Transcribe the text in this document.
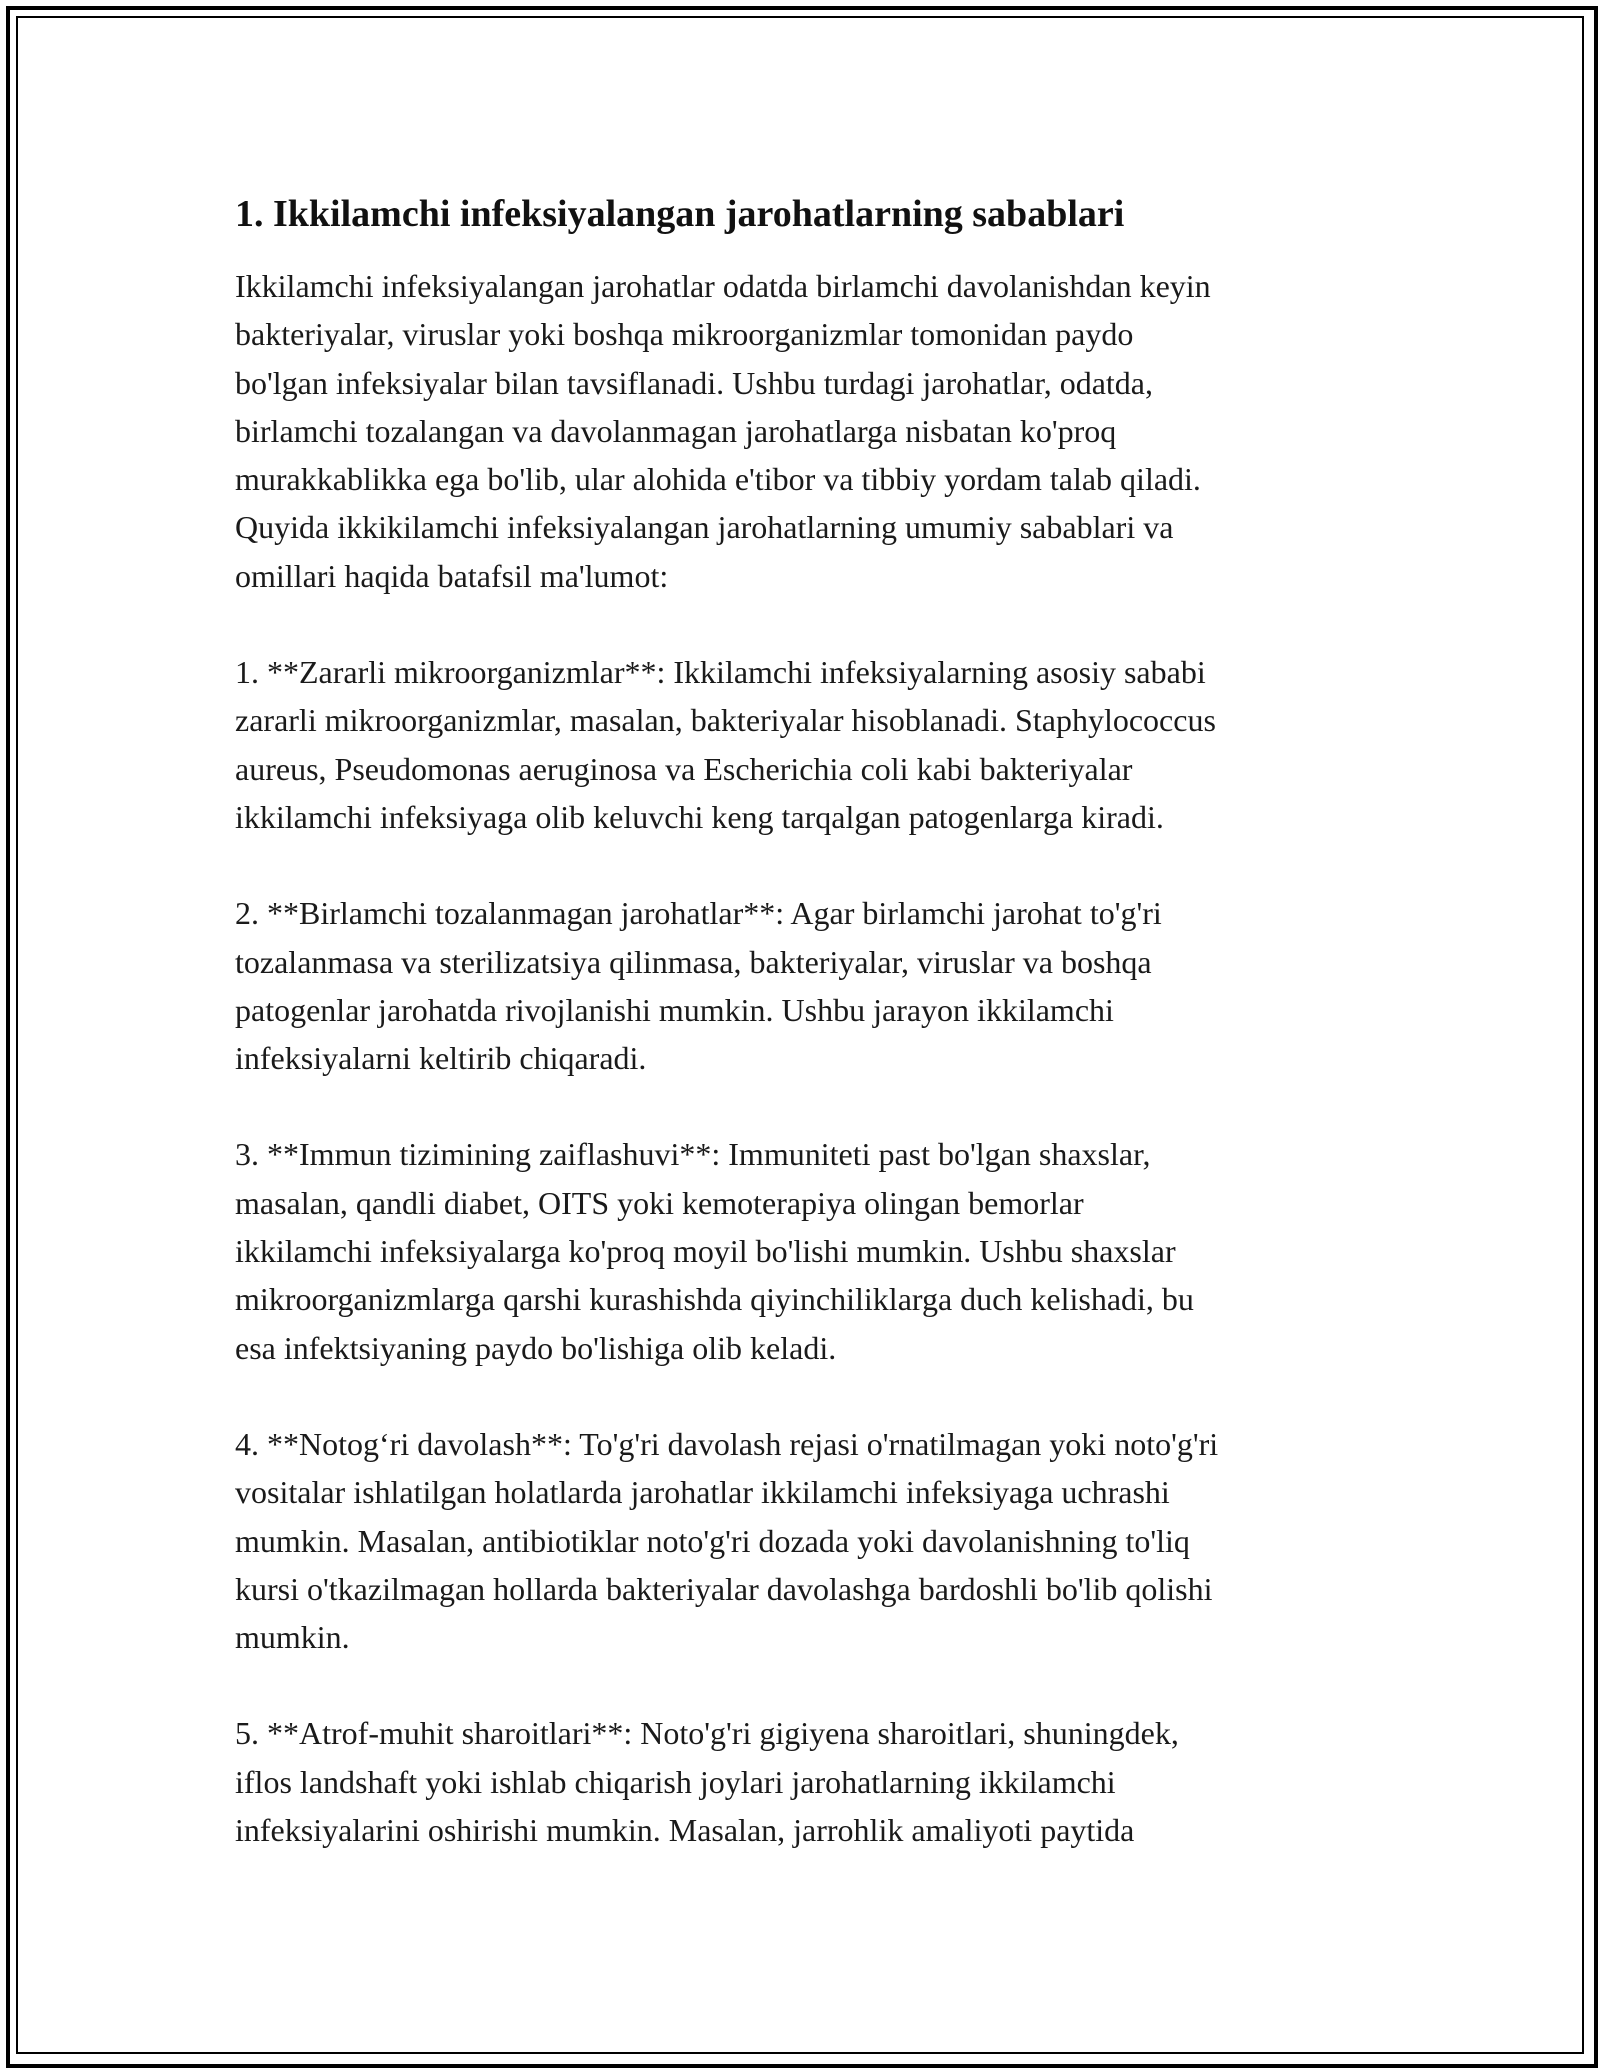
1. Ikkilamchi infeksiyalangan jarohatlarning sabablari
Ikkilamchi infeksiyalangan jarohatlar odatda birlamchi davolanishdan keyin
bakteriyalar, viruslar yoki boshqa mikroorganizmlar tomonidan paydo
bo'lgan infeksiyalar bilan tavsiflanadi. Ushbu turdagi jarohatlar, odatda,
birlamchi tozalangan va davolanmagan jarohatlarga nisbatan ko'proq
murakkablikka ega bo'lib, ular alohida e'tibor va tibbiy yordam talab qiladi.
Quyida ikkikilamchi infeksiyalangan jarohatlarning umumiy sabablari va
omillari haqida batafsil ma'lumot:
1. **Zararli mikroorganizmlar**: Ikkilamchi infeksiyalarning asosiy sababi
zararli mikroorganizmlar, masalan, bakteriyalar hisoblanadi. Staphylococcus
aureus, Pseudomonas aeruginosa va Escherichia coli kabi bakteriyalar
ikkilamchi infeksiyaga olib keluvchi keng tarqalgan patogenlarga kiradi.
2. **Birlamchi tozalanmagan jarohatlar**: Agar birlamchi jarohat to'g'ri
tozalanmasa va sterilizatsiya qilinmasa, bakteriyalar, viruslar va boshqa
patogenlar jarohatda rivojlanishi mumkin. Ushbu jarayon ikkilamchi
infeksiyalarni keltirib chiqaradi.
3. **Immun tizimining zaiflashuvi**: Immuniteti past bo'lgan shaxslar,
masalan, qandli diabet, OITS yoki kemoterapiya olingan bemorlar
ikkilamchi infeksiyalarga ko'proq moyil bo'lishi mumkin. Ushbu shaxslar
mikroorganizmlarga qarshi kurashishda qiyinchiliklarga duch kelishadi, bu
esa infektsiyaning paydo bo'lishiga olib keladi.
4. **Notog‘ri davolash**: To'g'ri davolash rejasi o'rnatilmagan yoki noto'g'ri
vositalar ishlatilgan holatlarda jarohatlar ikkilamchi infeksiyaga uchrashi
mumkin. Masalan, antibiotiklar noto'g'ri dozada yoki davolanishning to'liq
kursi o'tkazilmagan hollarda bakteriyalar davolashga bardoshli bo'lib qolishi
mumkin.
5. **Atrof-muhit sharoitlari**: Noto'g'ri gigiyena sharoitlari, shuningdek,
iflos landshaft yoki ishlab chiqarish joylari jarohatlarning ikkilamchi
infeksiyalarini oshirishi mumkin. Masalan, jarrohlik amaliyoti paytida
